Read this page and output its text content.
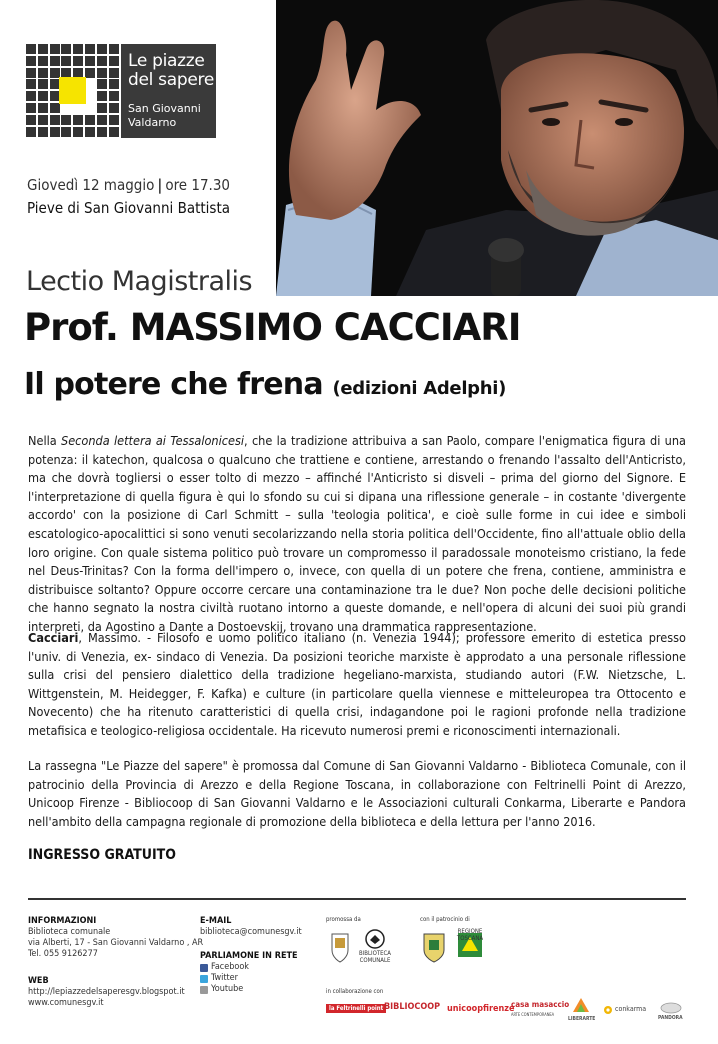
Le piazze
del sapere
San Giovanni
Valdarno
Giovedì 12 maggio | ore 17.30
Pieve di San Giovanni Battista
Lectio Magistralis
Prof. MASSIMO CACCIARI
Il potere che frena (edizioni Adelphi)
Nella Seconda lettera ai Tessalonicesi, che la tradizione attribuiva a san Paolo, compare l'enigmatica figura di una potenza: il katechon, qualcosa o qualcuno che trattiene e contiene, arrestando o frenando l'assalto dell'Anticristo, ma che dovrà togliersi o esser tolto di mezzo – affinché l'Anticristo si disveli – prima del giorno del Signore. E l'interpretazione di quella figura è qui lo sfondo su cui si dipana una riflessione generale – in costante 'divergente accordo' con la posizione di Carl Schmitt – sulla 'teologia politica', e cioè sulle forme in cui idee e simboli escatologico-apocalittici si sono venuti secolarizzando nella storia politica dell'Occidente, fino all'attuale oblio della loro origine. Con quale sistema politico può trovare un compromesso il paradossale monoteismo cristiano, la fede nel Deus-Trinitas? Con la forma dell'impero o, invece, con quella di un potere che frena, contiene, amministra e distribuisce soltanto? Oppure occorre cercare una contaminazione tra le due? Non poche delle decisioni politiche che hanno segnato la nostra civiltà ruotano intorno a queste domande, e nell'opera di alcuni dei suoi più grandi interpreti, da Agostino a Dante a Dostoevskij, trovano una drammatica rappresentazione.
Cacciari, Massimo. - Filosofo e uomo politico italiano (n. Venezia 1944); professore emerito di estetica presso l'univ. di Venezia, ex- sindaco di Venezia. Da posizioni teoriche marxiste è approdato a una personale riflessione sulla crisi del pensiero dialettico della tradizione hegeliano-marxista, studiando autori (F.W. Nietzsche, L. Wittgenstein, M. Heidegger, F. Kafka) e culture (in particolare quella viennese e mitteleuropea tra Ottocento e Novecento) che ha ritenuto caratteristici di quella crisi, indagandone poi le ragioni profonde nella tradizione metafisica e teologico-religiosa occidentale. Ha ricevuto numerosi premi e riconoscimenti internazionali.
La rassegna "Le Piazze del sapere" è promossa dal Comune di San Giovanni Valdarno - Biblioteca Comunale, con il patrocinio della Provincia di Arezzo e della Regione Toscana, in collaborazione con Feltrinelli Point di Arezzo, Unicoop Firenze - Bibliocoop di San Giovanni Valdarno e le Associazioni culturali Conkarma, Liberarte e Pandora nell'ambito della campagna regionale di promozione della biblioteca e della lettura per l'anno 2016.
INGRESSO GRATUITO
INFORMAZIONI
Biblioteca comunale
via Alberti, 17 - San Giovanni Valdarno , AR
Tel. 055 9126277
WEB
http://lepiazzedelsaperesgv.blogspot.it
www.comunesgv.it
E-MAIL
biblioteca@comunesgv.it
PARLIAMONE IN RETE
Facebook
Twitter
Youtube
promossa da	con il patrocinio di
in collaborazione con
BIBLIOTECA COMUNALE
REGIONE TOSCANA
la Feltrinelli point BIBLIOCOOP unicoopfirenze
casa masaccio
ARTE CONTEMPORANEA
LIBERARTE
conkarma
PANDORA
